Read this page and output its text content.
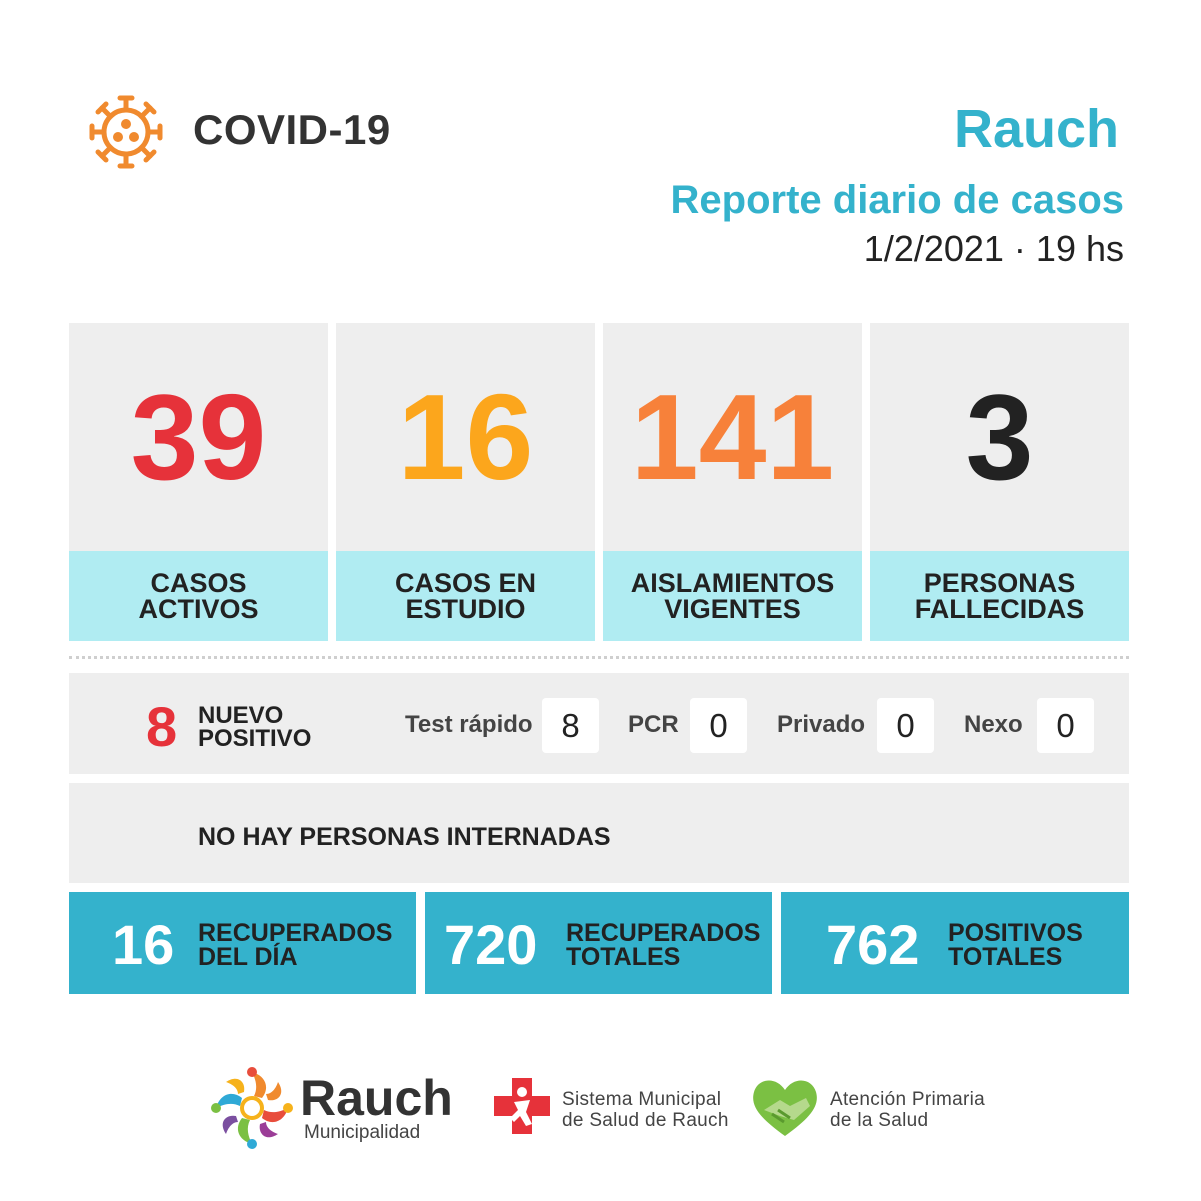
COVID-19	Rauch
Reporte diario de casos
1/2/2021 · 19 hs
39
CASOS
ACTIVOS
16
CASOS EN
ESTUDIO
141
AISLAMIENTOS
VIGENTES
3
PERSONAS
FALLECIDAS
8 NUEVO
POSITIVO
Test rápido 8	PCR 0	Privado 0	Nexo	0
NO HAY PERSONAS INTERNADAS
16 RECUPERADOS
DEL DÍA	720 RECUPERADOS
TOTALES	762 POSITIVOS
TOTALES
Rauch
Municipalidad
Sistema Municipal
de Salud de Rauch
Atención Primaria
de la Salud
